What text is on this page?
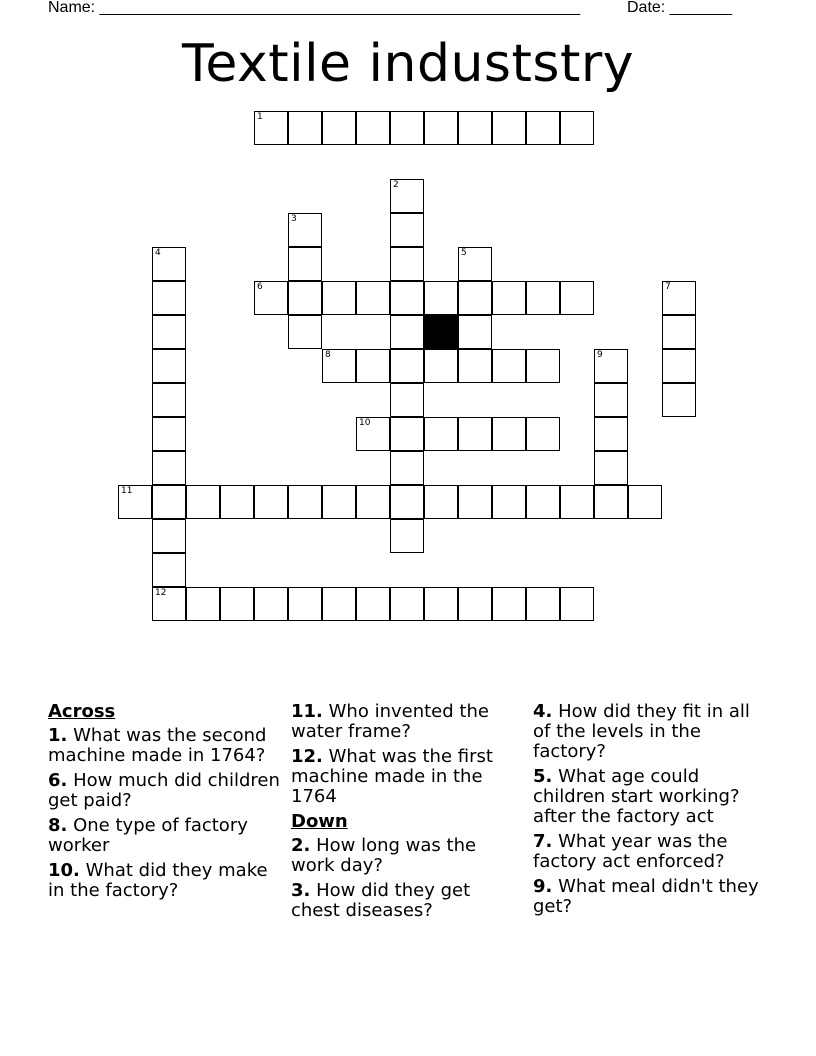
Name: ______________________________________________________	Date: _______
Textile induststry
1
2
3
4
12
5
6	7
8	9
10
11
Across
1. What was the second machine made in 1764?
6. How much did children get paid?
8. One type of factory worker
10. What did they make in the factory?
11. Who invented the water frame?
12. What was the first machine made in the 1764
Down
2. How long was the work day?
3. How did they get chest diseases?
4. How did they fit in all of the levels in the factory?
5. What age could children start working? after the factory act
7. What year was the factory act enforced?
9. What meal didn't they get?
